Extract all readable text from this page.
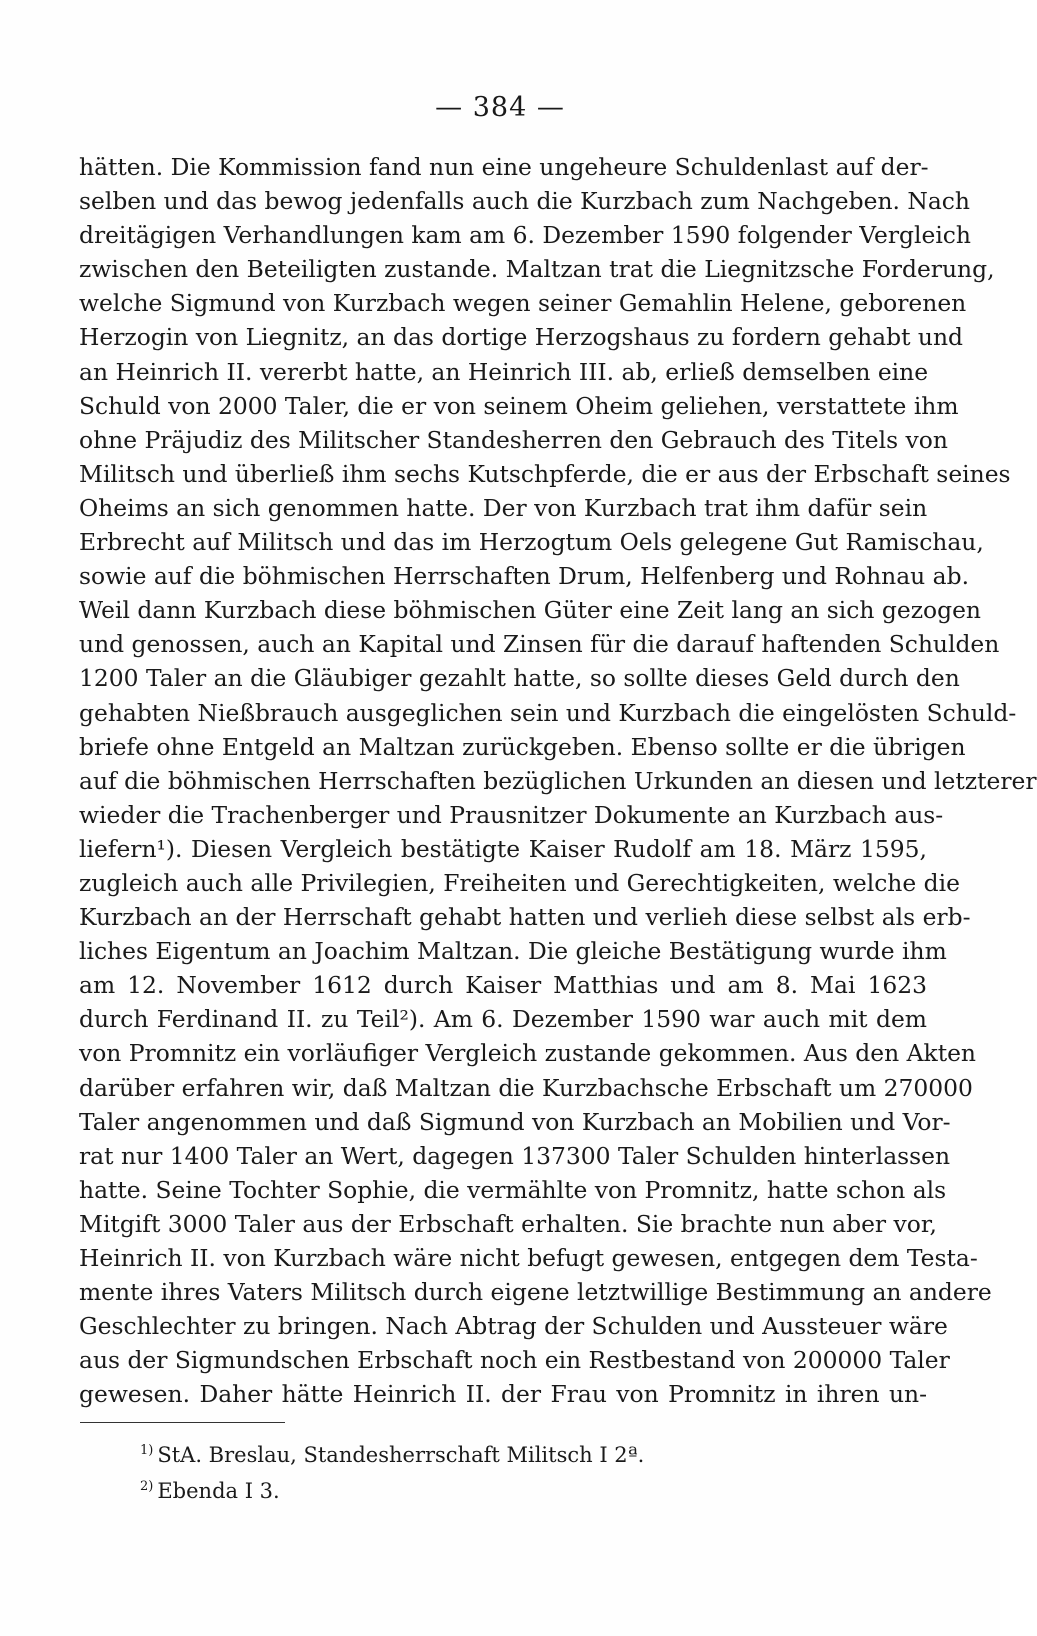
— 384 —
hätten. Die Kommission fand nun eine ungeheure Schuldenlast auf der-
selben und das bewog jedenfalls auch die Kurzbach zum Nachgeben. Nach
dreitägigen Verhandlungen kam am 6. Dezember 1590 folgender Vergleich
zwischen den Beteiligten zustande. Maltzan trat die Liegnitzsche Forderung,
welche Sigmund von Kurzbach wegen seiner Gemahlin Helene, geborenen
Herzogin von Liegnitz, an das dortige Herzogshaus zu fordern gehabt und
an Heinrich II. vererbt hatte, an Heinrich III. ab, erließ demselben eine
Schuld von 2000 Taler, die er von seinem Oheim geliehen, verstattete ihm
ohne Präjudiz des Militscher Standesherren den Gebrauch des Titels von
Militsch und überließ ihm sechs Kutschpferde, die er aus der Erbschaft seines
Oheims an sich genommen hatte. Der von Kurzbach trat ihm dafür sein
Erbrecht auf Militsch und das im Herzogtum Oels gelegene Gut Ramischau,
sowie auf die böhmischen Herrschaften Drum, Helfenberg und Rohnau ab.
Weil dann Kurzbach diese böhmischen Güter eine Zeit lang an sich gezogen
und genossen, auch an Kapital und Zinsen für die darauf haftenden Schulden
1200 Taler an die Gläubiger gezahlt hatte, so sollte dieses Geld durch den
gehabten Nießbrauch ausgeglichen sein und Kurzbach die eingelösten Schuld-
briefe ohne Entgeld an Maltzan zurückgeben. Ebenso sollte er die übrigen
auf die böhmischen Herrschaften bezüglichen Urkunden an diesen und letzterer
wieder die Trachenberger und Prausnitzer Dokumente an Kurzbach aus-
liefern¹). Diesen Vergleich bestätigte Kaiser Rudolf am 18. März 1595,
zugleich auch alle Privilegien, Freiheiten und Gerechtigkeiten, welche die
Kurzbach an der Herrschaft gehabt hatten und verlieh diese selbst als erb-
liches Eigentum an Joachim Maltzan. Die gleiche Bestätigung wurde ihm
am 12. November 1612 durch Kaiser Matthias und am 8. Mai 1623
durch Ferdinand II. zu Teil²). Am 6. Dezember 1590 war auch mit dem
von Promnitz ein vorläufiger Vergleich zustande gekommen. Aus den Akten
darüber erfahren wir, daß Maltzan die Kurzbachsche Erbschaft um 270000
Taler angenommen und daß Sigmund von Kurzbach an Mobilien und Vor-
rat nur 1400 Taler an Wert, dagegen 137300 Taler Schulden hinterlassen
hatte. Seine Tochter Sophie, die vermählte von Promnitz, hatte schon als
Mitgift 3000 Taler aus der Erbschaft erhalten. Sie brachte nun aber vor,
Heinrich II. von Kurzbach wäre nicht befugt gewesen, entgegen dem Testa-
mente ihres Vaters Militsch durch eigene letztwillige Bestimmung an andere
Geschlechter zu bringen. Nach Abtrag der Schulden und Aussteuer wäre
aus der Sigmundschen Erbschaft noch ein Restbestand von 200000 Taler
gewesen. Daher hätte Heinrich II. der Frau von Promnitz in ihren un-
$^{1)}$ StA. Breslau, Standesherrschaft Militsch I 2ª.
$^{2)}$ Ebenda I 3.
